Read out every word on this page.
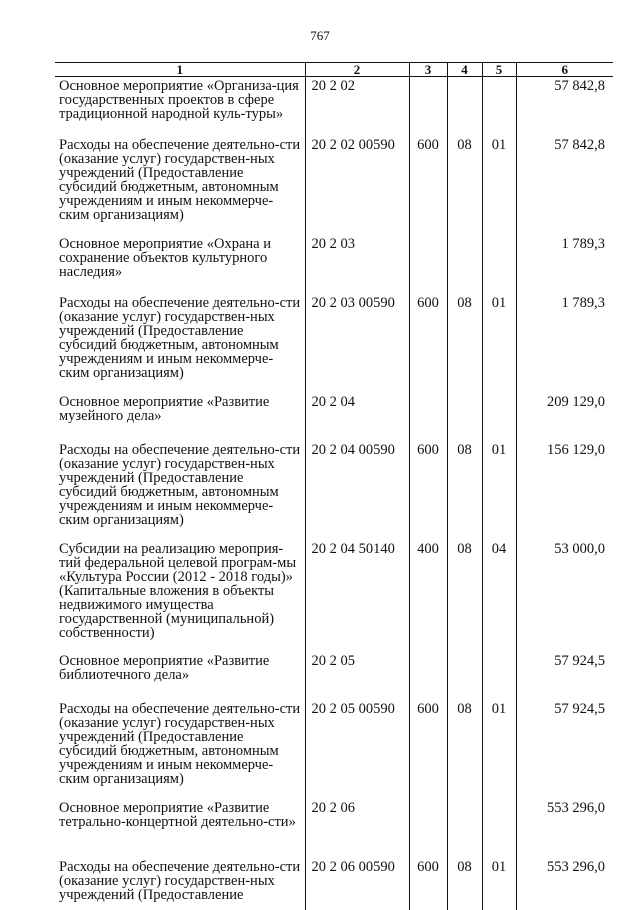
767
1	2	3	4	5	6
Основное мероприятие «Организа-ция государственных проектов в сфере традиционной народной куль-туры»	20 2 02				57 842,8
Расходы на обеспечение деятельно-сти (оказание услуг) государствен-ных учреждений (Предоставление субсидий бюджетным, автономным учреждениям и иным некоммерче-ским организациям)	20 2 02 00590	600	08	01	57 842,8
Основное мероприятие «Охрана и сохранение объектов культурного наследия»	20 2 03				1 789,3
Расходы на обеспечение деятельно-сти (оказание услуг) государствен-ных учреждений (Предоставление субсидий бюджетным, автономным учреждениям и иным некоммерче-ским организациям)	20 2 03 00590	600	08	01	1 789,3
Основное мероприятие «Развитие музейного дела»	20 2 04				209 129,0
Расходы на обеспечение деятельно-сти (оказание услуг) государствен-ных учреждений (Предоставление субсидий бюджетным, автономным учреждениям и иным некоммерче-ским организациям)	20 2 04 00590	600	08	01	156 129,0
Субсидии на реализацию мероприя-тий федеральной целевой програм-мы «Культура России (2012 - 2018 годы)» (Капитальные вложения в объекты недвижимого имущества государственной (муниципальной) собственности)	20 2 04 50140	400	08	04	53 000,0
Основное мероприятие «Развитие библиотечного дела»	20 2 05				57 924,5
Расходы на обеспечение деятельно-сти (оказание услуг) государствен-ных учреждений (Предоставление субсидий бюджетным, автономным учреждениям и иным некоммерче-ским организациям)	20 2 05 00590	600	08	01	57 924,5
Основное мероприятие «Развитие тетрально-концертной деятельно-сти»	20 2 06				553 296,0
Расходы на обеспечение деятельно-сти (оказание услуг) государствен-ных учреждений (Предоставление	20 2 06 00590	600	08	01	553 296,0
